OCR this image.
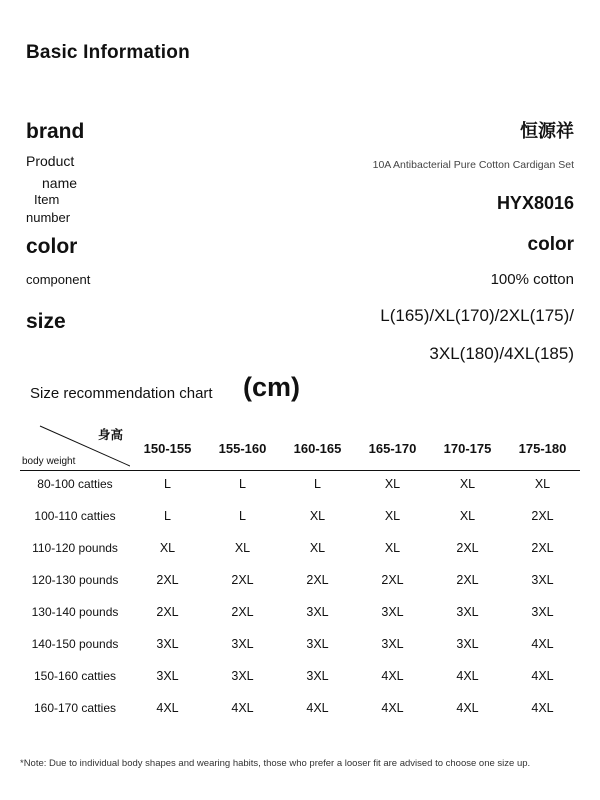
Basic Information
brand	恒源祥
Product
name
10A Antibacterial Pure Cotton Cardigan Set
Item
number
HYX8016
color	color
component	100% cotton
size	L(165)/XL(170)/2XL(175)/
3XL(180)/4XL(185)
Size recommendation chart (cm)
身高
body weight	150-155	155-160	160-165	165-170	170-175	175-180
80-100 catties	L	L	L	XL	XL	XL
100-110 catties	L	L	XL	XL	XL	2XL
110-120 pounds	XL	XL	XL	XL	2XL	2XL
120-130 pounds	2XL	2XL	2XL	2XL	2XL	3XL
130-140 pounds	2XL	2XL	3XL	3XL	3XL	3XL
140-150 pounds	3XL	3XL	3XL	3XL	3XL	4XL
150-160 catties	3XL	3XL	3XL	4XL	4XL	4XL
160-170 catties	4XL	4XL	4XL	4XL	4XL	4XL
*Note: Due to individual body shapes and wearing habits, those who prefer a looser fit are advised to choose one size up.
